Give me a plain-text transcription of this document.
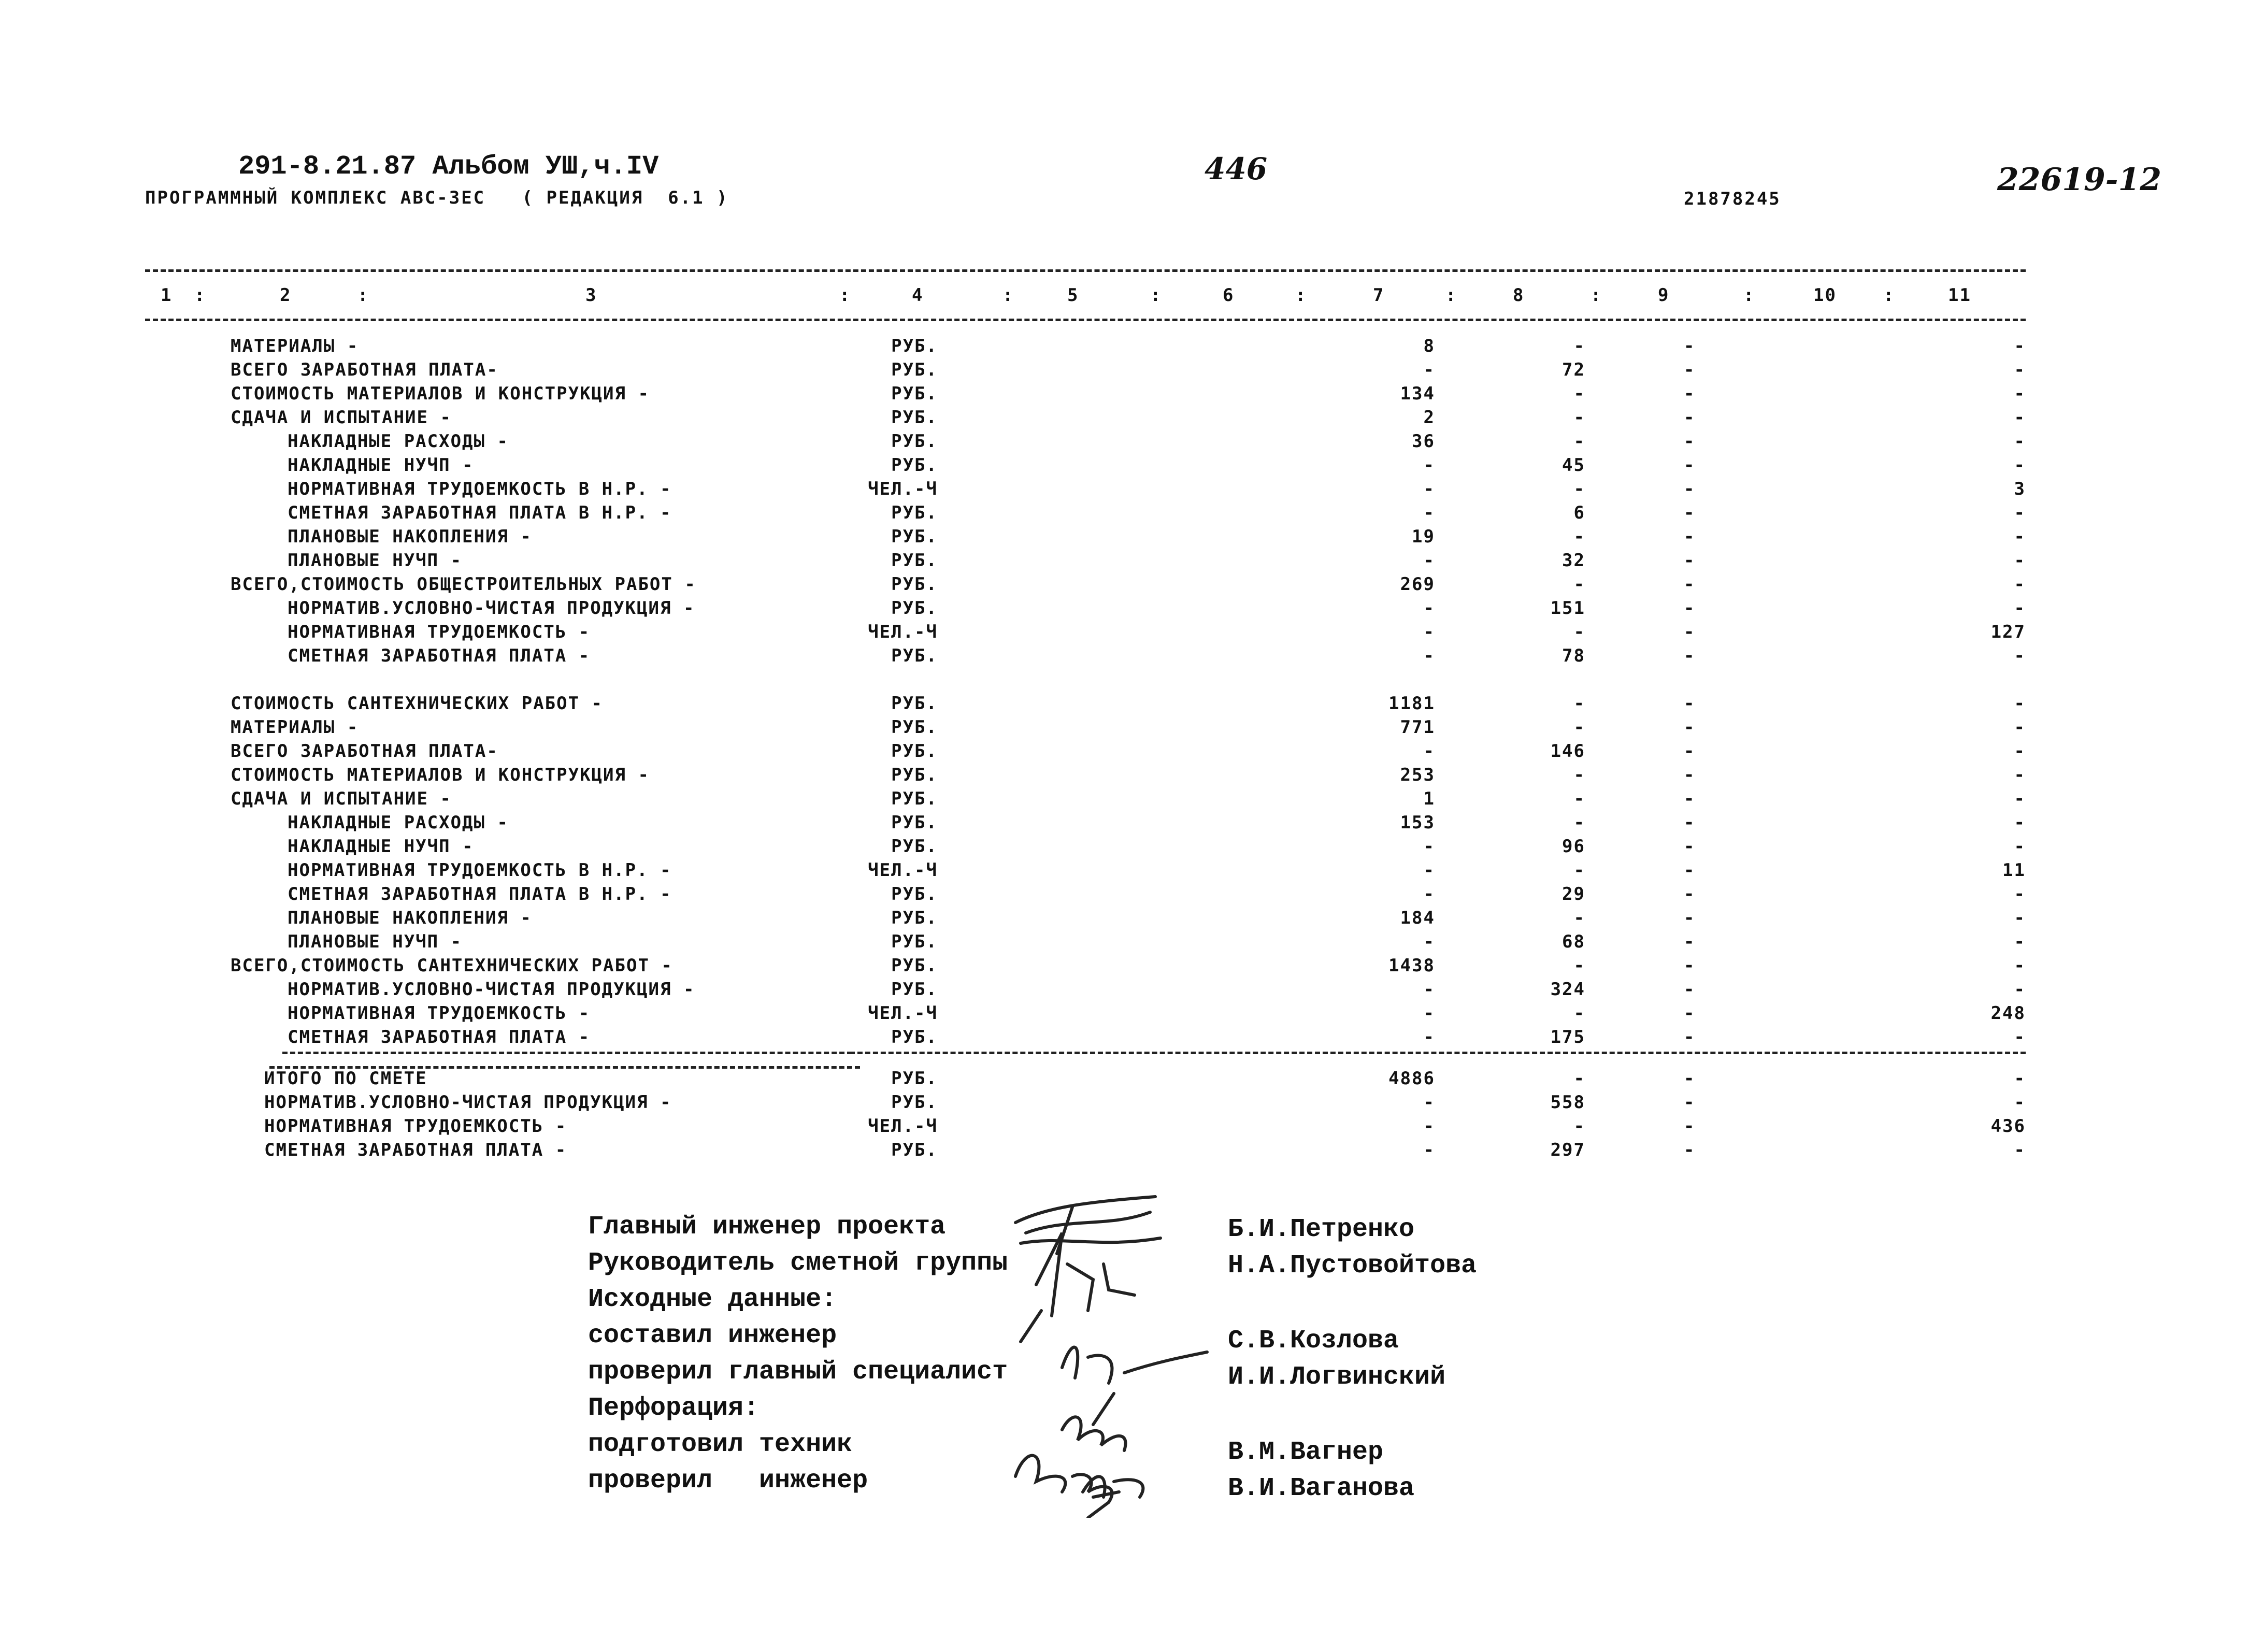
291-8.21.87 Альбом УШ,ч.IV
ПРОГРАММНЫЙ КОМПЛЕКС АВС-3ЕС   ( РЕДАКЦИЯ  6.1 )
446
21878245
22619-12
1	2	3	4	5	6	7	8	9	10	11
:	:	:	:	:	:	:	:	:	:
МАТЕРИАЛЫ -	РУБ.	8	-	-	-
ВСЕГО ЗАРАБОТНАЯ ПЛАТА-	РУБ.	-	72	-	-
СТОИМОСТЬ МАТЕРИАЛОВ И КОНСТРУКЦИЯ -	РУБ.	134	-	-	-
СДАЧА И ИСПЫТАНИЕ -	РУБ.	2	-	-	-
НАКЛАДНЫЕ РАСХОДЫ -	РУБ.	36	-	-	-
НАКЛАДНЫЕ НУЧП -	РУБ.	-	45	-	-
НОРМАТИВНАЯ ТРУДОЕМКОСТЬ В Н.Р. -	ЧЕЛ.-Ч	-	-	-	3
СМЕТНАЯ ЗАРАБОТНАЯ ПЛАТА В Н.Р. -	РУБ.	-	6	-	-
ПЛАНОВЫЕ НАКОПЛЕНИЯ -	РУБ.	19	-	-	-
ПЛАНОВЫЕ НУЧП -	РУБ.	-	32	-	-
ВСЕГО,СТОИМОСТЬ ОБЩЕСТРОИТЕЛЬНЫХ РАБОТ -	РУБ.	269	-	-	-
НОРМАТИВ.УСЛОВНО-ЧИСТАЯ ПРОДУКЦИЯ -	РУБ.	-	151	-	-
НОРМАТИВНАЯ ТРУДОЕМКОСТЬ -	ЧЕЛ.-Ч	-	-	-	127
СМЕТНАЯ ЗАРАБОТНАЯ ПЛАТА -	РУБ.	-	78	-	-
СТОИМОСТЬ САНТЕХНИЧЕСКИХ РАБОТ -	РУБ.	1181	-	-	-
МАТЕРИАЛЫ -	РУБ.	771	-	-	-
ВСЕГО ЗАРАБОТНАЯ ПЛАТА-	РУБ.	-	146	-	-
СТОИМОСТЬ МАТЕРИАЛОВ И КОНСТРУКЦИЯ -	РУБ.	253	-	-	-
СДАЧА И ИСПЫТАНИЕ -	РУБ.	1	-	-	-
НАКЛАДНЫЕ РАСХОДЫ -	РУБ.	153	-	-	-
НАКЛАДНЫЕ НУЧП -	РУБ.	-	96	-	-
НОРМАТИВНАЯ ТРУДОЕМКОСТЬ В Н.Р. -	ЧЕЛ.-Ч	-	-	-	11
СМЕТНАЯ ЗАРАБОТНАЯ ПЛАТА В Н.Р. -	РУБ.	-	29	-	-
ПЛАНОВЫЕ НАКОПЛЕНИЯ -	РУБ.	184	-	-	-
ПЛАНОВЫЕ НУЧП -	РУБ.	-	68	-	-
ВСЕГО,СТОИМОСТЬ САНТЕХНИЧЕСКИХ РАБОТ -	РУБ.	1438	-	-	-
НОРМАТИВ.УСЛОВНО-ЧИСТАЯ ПРОДУКЦИЯ -	РУБ.	-	324	-	-
НОРМАТИВНАЯ ТРУДОЕМКОСТЬ -	ЧЕЛ.-Ч	-	-	-	248
СМЕТНАЯ ЗАРАБОТНАЯ ПЛАТА -	РУБ.	-	175	-	-
ИТОГО ПО СМЕТЕ	РУБ.	4886	-	-	-
НОРМАТИВ.УСЛОВНО-ЧИСТАЯ ПРОДУКЦИЯ -	РУБ.	-	558	-	-
НОРМАТИВНАЯ ТРУДОЕМКОСТЬ -	ЧЕЛ.-Ч	-	-	-	436
СМЕТНАЯ ЗАРАБОТНАЯ ПЛАТА -	РУБ.	-	297	-	-
Главный инженер проекта
Руководитель сметной группы
Исходные данные:
составил инженер
проверил главный специалист
Перфорация:
подготовил техник
проверил   инженер
Б.И.Петренко
Н.А.Пустовойтова
С.В.Козлова
И.И.Логвинский
В.М.Вагнер
В.И.Ваганова
